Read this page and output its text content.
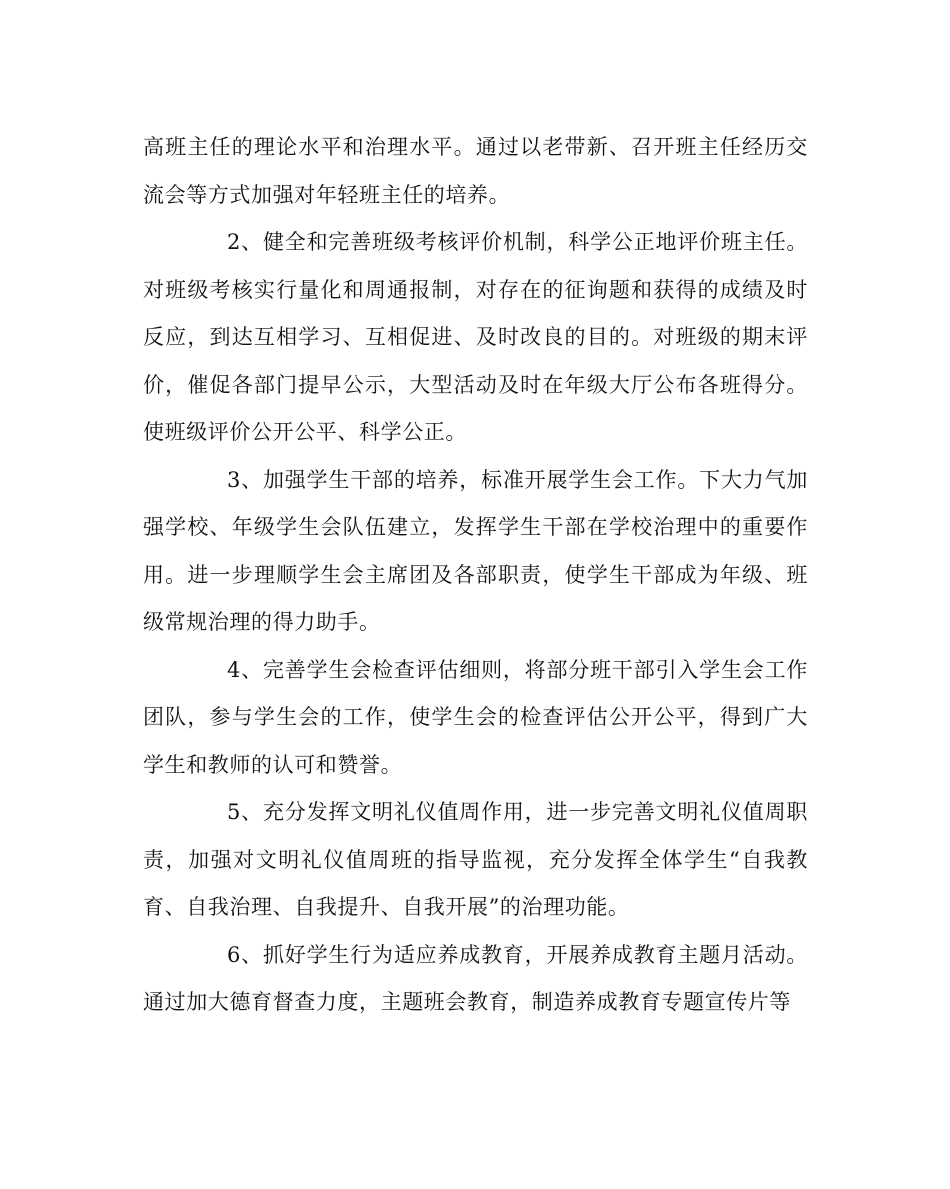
高班主任的理论水平和治理水平。通过以老带新、召开班主任经历交流会等方式加强对年轻班主任的培养。

2、健全和完善班级考核评价机制，科学公正地评价班主任。对班级考核实行量化和周通报制，对存在的征询题和获得的成绩及时反应，到达互相学习、互相促进、及时改良的目的。对班级的期末评价，催促各部门提早公示，大型活动及时在年级大厅公布各班得分。使班级评价公开公平、科学公正。

3、加强学生干部的培养，标准开展学生会工作。下大力气加强学校、年级学生会队伍建立，发挥学生干部在学校治理中的重要作用。进一步理顺学生会主席团及各部职责，使学生干部成为年级、班级常规治理的得力助手。

4、完善学生会检查评估细则，将部分班干部引入学生会工作团队，参与学生会的工作，使学生会的检查评估公开公平，得到广大学生和教师的认可和赞誉。

5、充分发挥文明礼仪值周作用，进一步完善文明礼仪值周职责，加强对文明礼仪值周班的指导监视，充分发挥全体学生“自我教育、自我治理、自我提升、自我开展”的治理功能。

6、抓好学生行为适应养成教育，开展养成教育主题月活动。通过加大德育督查力度，主题班会教育，制造养成教育专题宣传片等
